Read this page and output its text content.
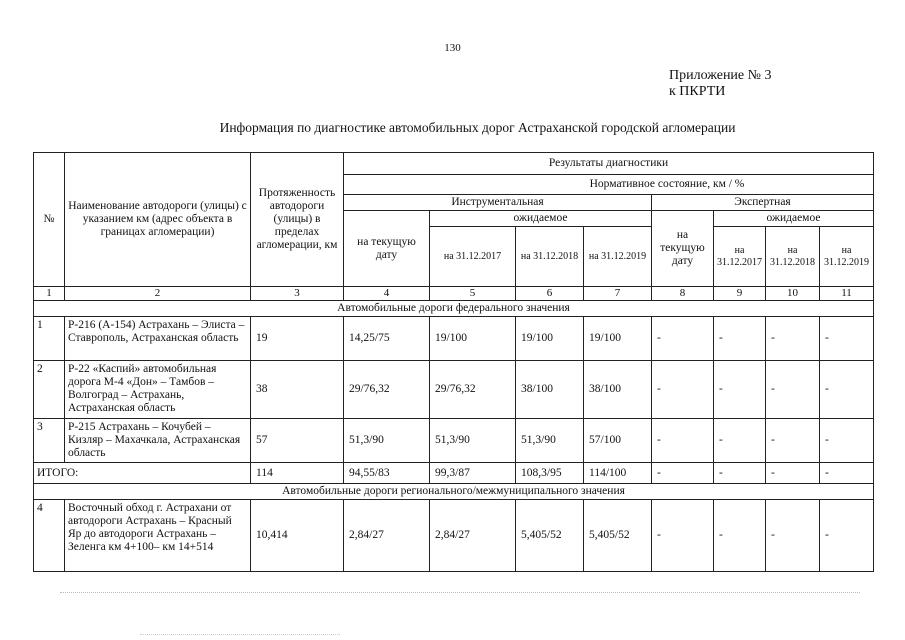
130
Приложение № 3
к ПКРТИ
Информация по диагностике автомобильных дорог Астраханской городской агломерации
№	Наименование автодороги (улицы) с указанием км (адрес объекта в границах агломерации)	Протяженность автодороги (улицы) в пределах агломерации, км	Результаты диагностики							
			Нормативное состояние, км / %							
			Инструментальная				Экспертная			
			на текущую дату	ожидаемое			на текущую дату	ожидаемое		
				на 31.12.2017	на 31.12.2018	на 31.12.2019		на 31.12.2017	на 31.12.2018	на 31.12.2019
1	2	3	4	5	6	7	8	9	10	11
Автомобильные дороги федерального значения										
1	Р-216 (А-154) Астрахань – Элиста – Ставрополь, Астраханская область	19	14,25/75	19/100	19/100	19/100	-	-	-	-
2	Р-22 «Каспий» автомобильная дорога М-4 «Дон» – Тамбов – Волгоград – Астрахань, Астраханская область	38	29/76,32	29/76,32	38/100	38/100	-	-	-	-
3	Р-215 Астрахань – Кочубей – Кизляр – Махачкала, Астраханская область	57	51,3/90	51,3/90	51,3/90	57/100	-	-	-	-
ИТОГО:		114	94,55/83	99,3/87	108,3/95	114/100	-	-	-	-
Автомобильные дороги регионального/межмуниципального значения										
4	Восточный обход г. Астрахани от автодороги Астрахань – Красный Яр до автодороги Астрахань – Зеленга км 4+100– км 14+514	10,414	2,84/27	2,84/27	5,405/52	5,405/52	-	-	-	-
